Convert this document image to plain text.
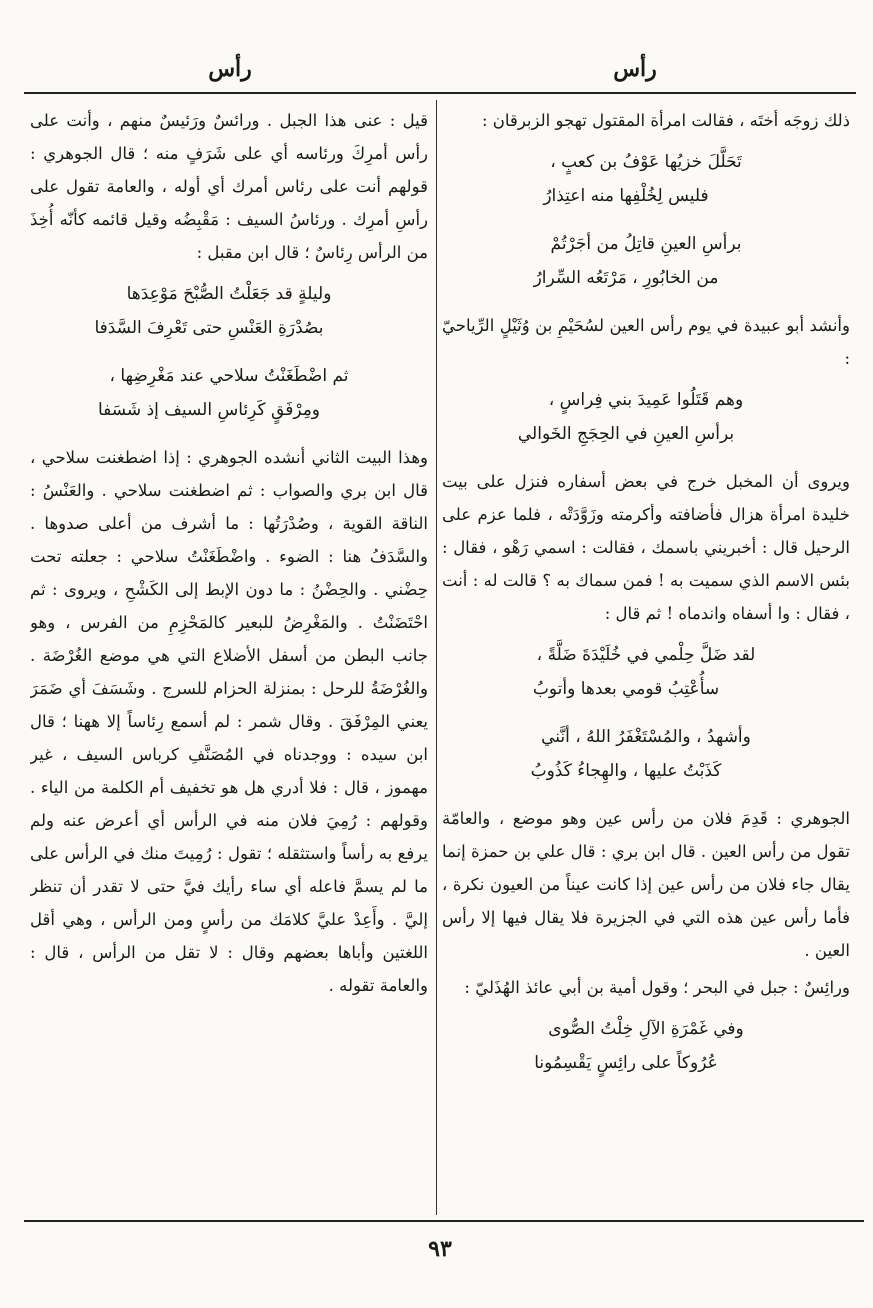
رأس	رأس

ذلك زوجَه أختَه ، فقالت امرأة المقتول تهجو الزبرقان :

تَحَلَّلَ خزيُها عَوْفُ بن كعبٍ ،
فليس لِخُلْفِها منه اعتِذارُ
برأسِ العينِ قاتِلُ من أجَرْتُمْ
من الخابُورِ ، مَرْتَعُه السِّرارُ

وأنشد أبو عبيدة في يوم رأس العين لسُحَيْمِ بن وُثَيْلٍ الرِّياحيّ :

وهم قَتَلُوا عَمِيدَ بني فِراسٍ ،
برأسِ العينِ في الحِجَجِ الخَوالي

ويروى أن المخبل خرج في بعض أسفاره فنزل على بيت خليدة امرأة هزال فأضافته وأكرمته وزَوَّدَتْه ، فلما عزم على الرحيل قال : أخبريني باسمك ، فقالت : اسمي رَهْو ، فقال : بئس الاسم الذي سميت به ! فمن سماك به ؟ قالت له : أنت ، فقال : وا أسفاه واندماه ! ثم قال :

لقد ضَلَّ حِلْمي في خُلَيْدَةَ ضَلَّةً ،
سأُعْتِبُ قومي بعدها وأتوبُ
وأشهدُ ، والمُسْتَغْفَرُ اللهُ ، أنَّني
كَذَبْتُ عليها ، والهِجاءُ كَذُوبُ

الجوهري : قَدِمَ فلان من رأس عين وهو موضع ، والعامّة تقول من رأس العين . قال ابن بري : قال علي بن حمزة إنما يقال جاء فلان من رأس عين إذا كانت عيناً من العيون نكرة ، فأما رأس عين هذه التي في الجزيرة فلا يقال فيها إلا رأس العين .

ورائِسٌ : جبل في البحر ؛ وقول أمية بن أبي عائذ الهُذَليّ :

وفي غَمْرَةِ الآلِ خِلْتُ الصُّوى
عُرُوكاً على رائِسٍ يَقْسِمُونا

قيل : عنى هذا الجبل . ورائسٌ ورَئيسٌ منهم ، وأنت على رأس أمرِكَ ورئاسه أي على شَرَفٍ منه ؛ قال الجوهري : قولهم أنت على رئاس أمرك أي أوله ، والعامة تقول على رأسِ أمرِك . ورئاسُ السيف : مَقْبِضُه وقيل قائمه كأنّه أُخِذَ من الرأس رِئاسٌ ؛ قال ابن مقبل :

وليلةٍ قد جَعَلْتُ الصُّبْحَ مَوْعِدَها
بصُدْرَةِ العَنْسِ حتى تَعْرِفَ السَّدَفا
ثم اضْطَغَنْتُ سلاحي عند مَغْرِضِها ،
ومِرْفَقٍ كَرِئاسِ السيف إذ شَسَفا

وهذا البيت الثاني أنشده الجوهري : إذا اضطغنت سلاحي ، قال ابن بري والصواب : ثم اضطغنت سلاحي . والعَنْسُ : الناقة القوية ، وصُدْرَتُها : ما أشرف من أعلى صدوها . والسَّدَفُ هنا : الضوء . واضْطَغَنْتُ سلاحي : جعلته تحت حِضْني . والحِضْنُ : ما دون الإبط إلى الكَشْحِ ، ويروى : ثم احْتَضَنْتُ . والمَغْرِضُ للبعير كالمَحْزِمِ من الفرس ، وهو جانب البطن من أسفل الأضلاع التي هي موضع الغُرْضَة . والغُرْضَةُ للرحل : بمنزلة الحزام للسرج . وشَسَفَ أي ضَمَرَ يعني المِرْفَقَ . وقال شمر : لم أسمع رِئاساً إلا ههنا ؛ قال ابن سيده : ووجدناه في المُصَنَّفِ كرباس السيف ، غير مهموز ، قال : فلا أدري هل هو تخفيف أم الكلمة من الياء . وقولهم : رُمِيَ فلان منه في الرأس أي أعرض عنه ولم يرفع به رأساً واستثقله ؛ تقول : رُمِيتَ منك في الرأس على ما لم يسمَّ فاعله أي ساء رأيك فيَّ حتى لا تقدر أن تنظر إليَّ . وأَعِدْ عليَّ كلامَك من رأسٍ ومن الرأس ، وهي أقل اللغتين وأباها بعضهم وقال : لا تقل من الرأس ، قال : والعامة تقوله .

٩٣
